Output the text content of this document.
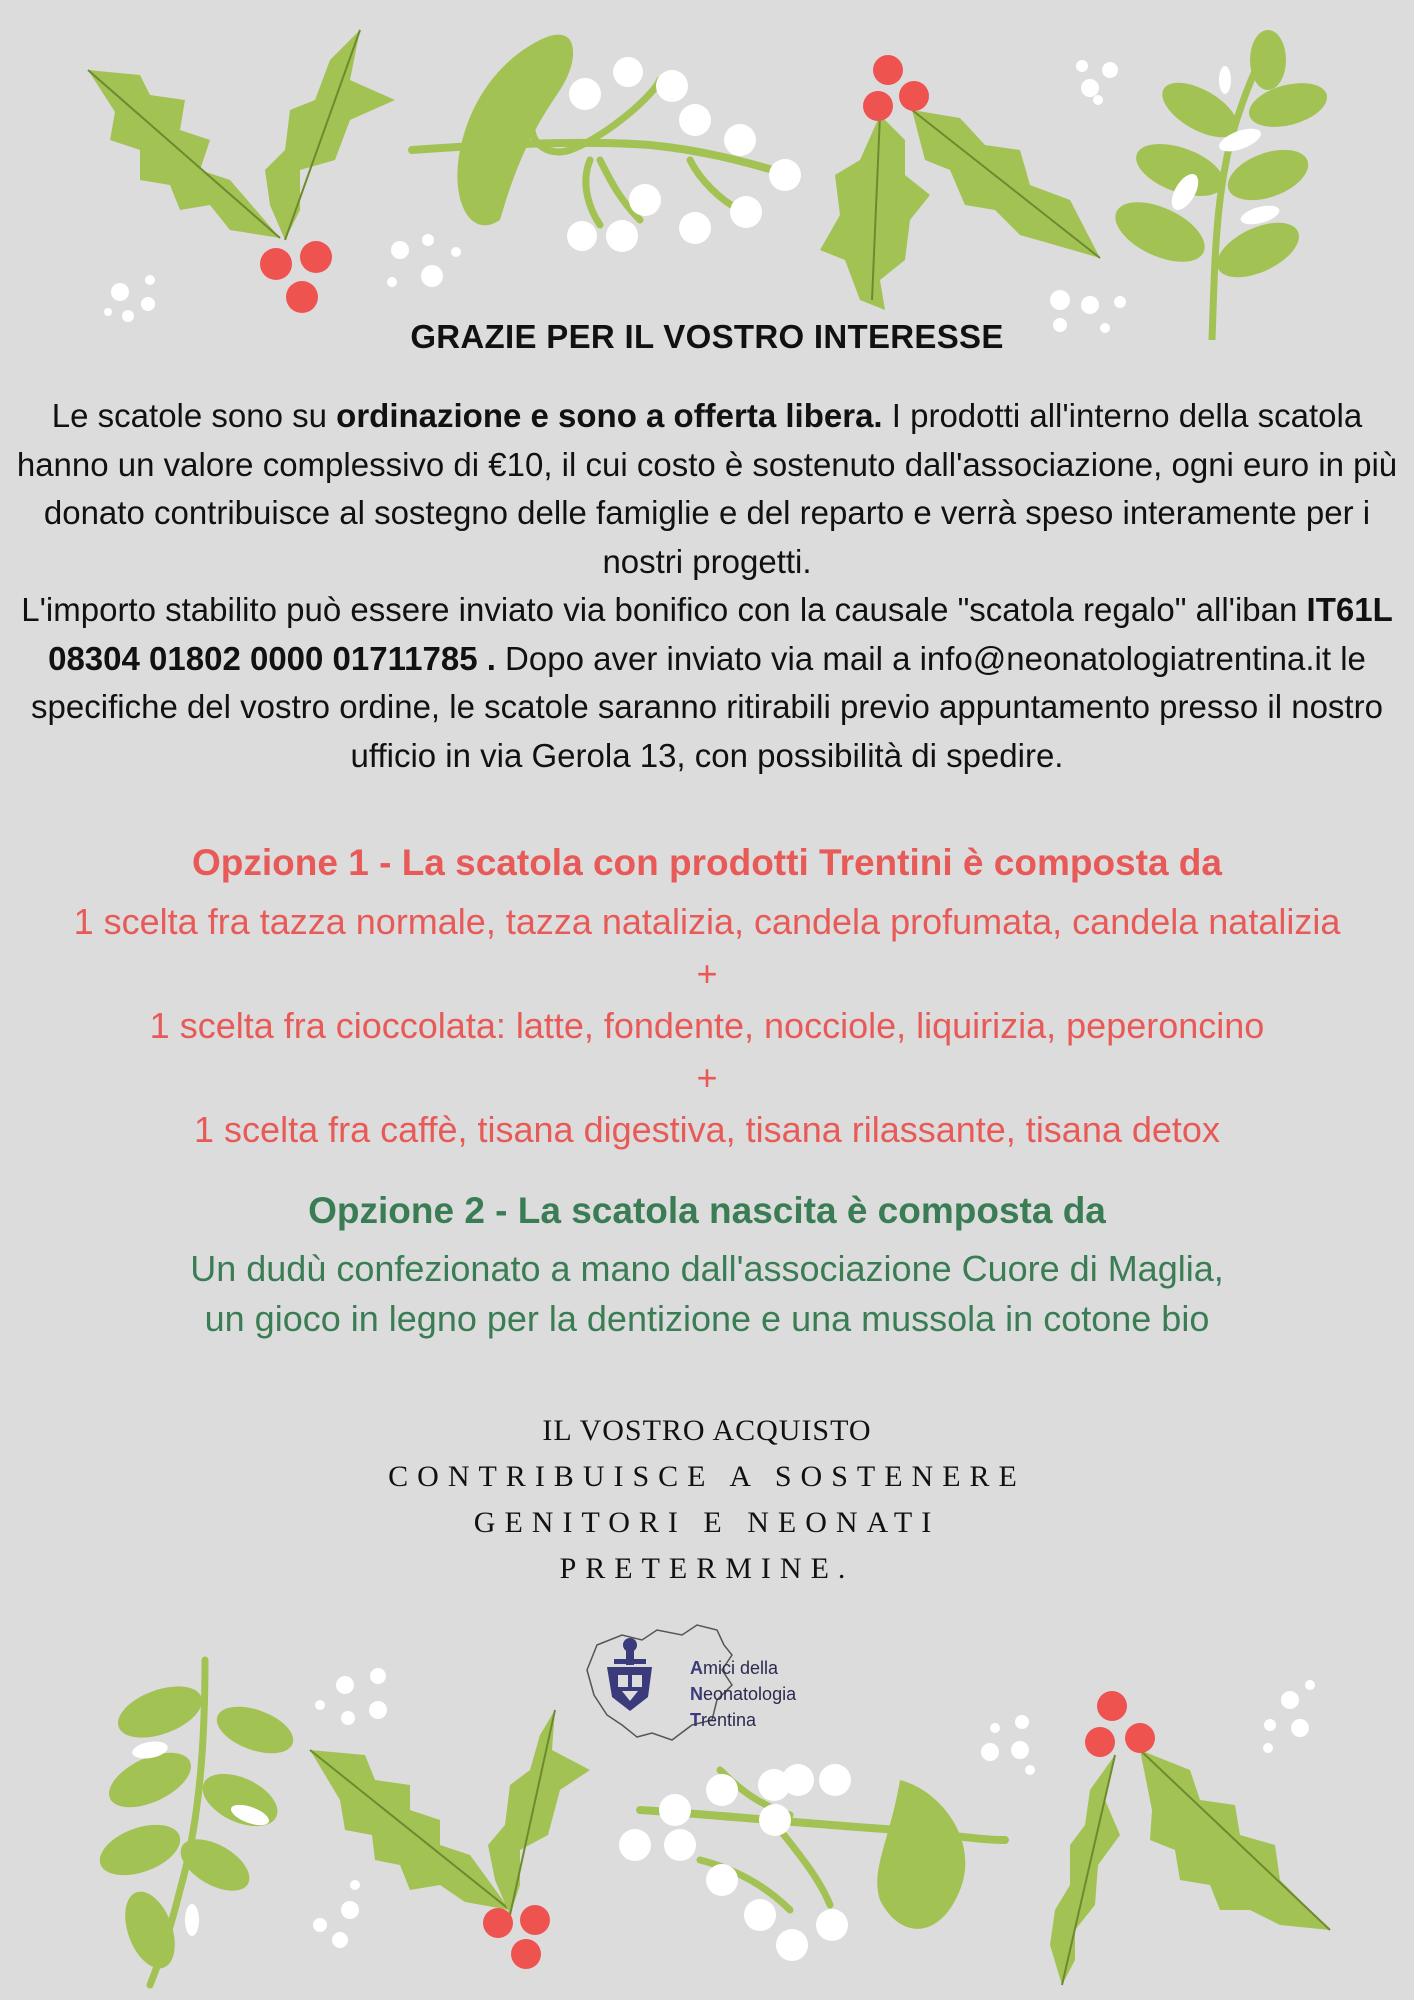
GRAZIE PER IL VOSTRO INTERESSE
Le scatole sono su ordinazione e sono a offerta libera. I prodotti all'interno della scatola hanno un valore complessivo di €10, il cui costo è sostenuto dall'associazione, ogni euro in più donato contribuisce al sostegno delle famiglie e del reparto e verrà speso interamente per i nostri progetti.
L'importo stabilito può essere inviato via bonifico con la causale "scatola regalo" all'iban IT61L 08304 01802 0000 01711785 . Dopo aver inviato via mail a info@neonatologiatrentina.it le specifiche del vostro ordine, le scatole saranno ritirabili previo appuntamento presso il nostro ufficio in via Gerola 13, con possibilità di spedire.
Opzione 1 - La scatola con prodotti Trentini è composta da
1 scelta fra tazza normale, tazza natalizia, candela profumata, candela natalizia
+
1 scelta fra cioccolata: latte, fondente, nocciole, liquirizia, peperoncino
+
1 scelta fra caffè, tisana digestiva, tisana rilassante, tisana detox
Opzione 2 - La scatola nascita è composta da
Un dudù confezionato a mano dall'associazione Cuore di Maglia,
un gioco in legno per la dentizione e una mussola in cotone bio
IL VOSTRO ACQUISTO
CONTRIBUISCE A SOSTENERE
GENITORI E NEONATI
PRETERMINE.
Amici della
Neonatologia
Trentina
